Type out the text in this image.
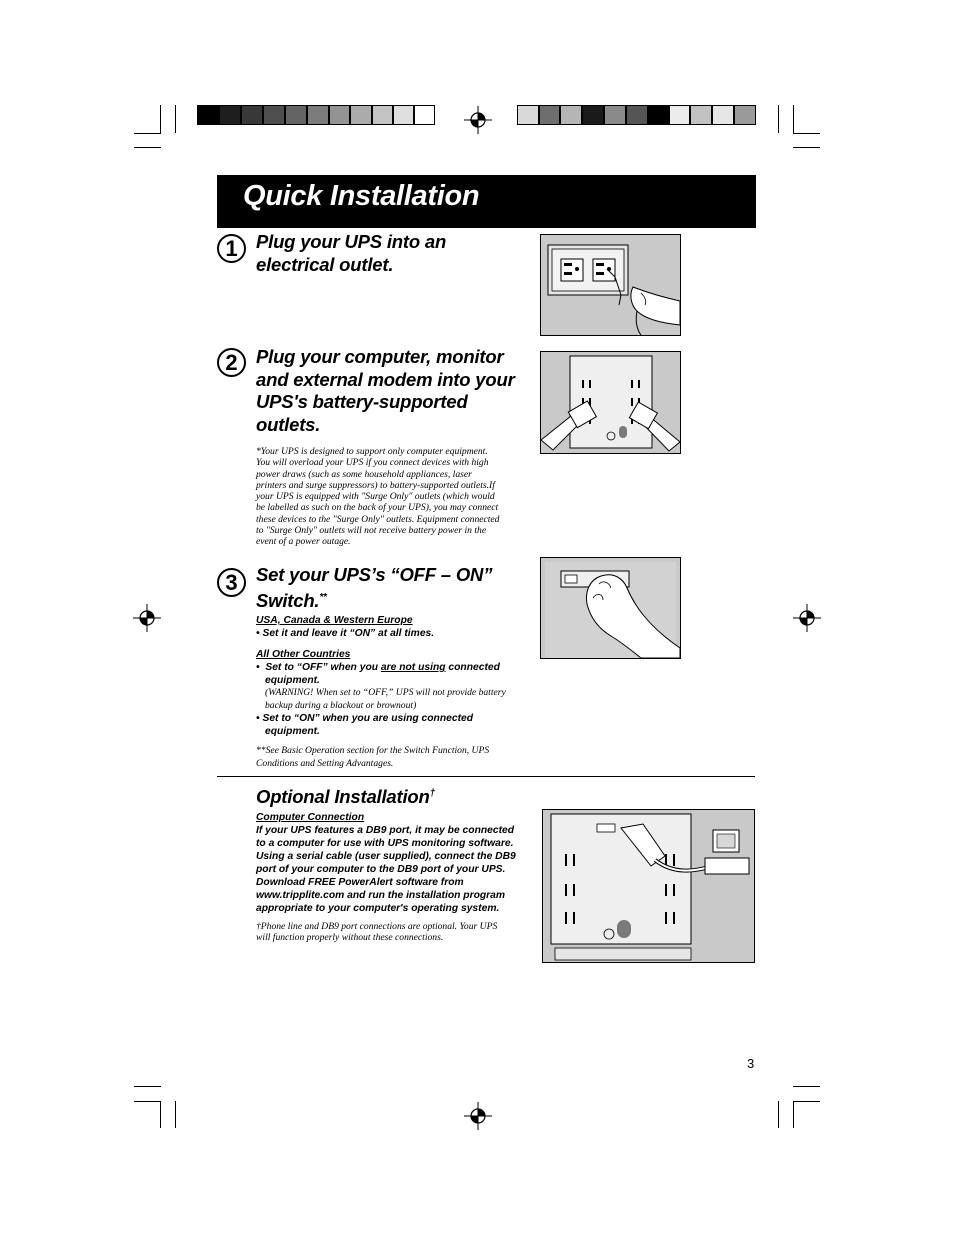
Quick Installation
1 Plug your UPS into an
electrical outlet.
2 Plug your computer, monitor
and external modem into your
UPS's battery-supported
outlets.
*Your UPS is designed to support only computer equipment.
You will overload your UPS if you connect devices with high
power draws (such as some household appliances, laser
printers and surge suppressors) to battery-supported outlets.If
your UPS is equipped with "Surge Only" outlets (which would
be labelled as such on the back of your UPS), you may connect
these devices to the "Surge Only" outlets. Equipment connected
to "Surge Only" outlets will not receive battery power in the
event of a power outage.
3 Set your UPS’s “OFF – ON”
Switch.**
USA, Canada & Western Europe
• Set it and leave it “ON” at all times.
All Other Countries
•  Set to “OFF” when you are not using connected
equipment.
(WARNING! When set to “OFF,” UPS will not provide battery
backup during a blackout or brownout)
• Set to “ON” when you are using connected
equipment.
**See Basic Operation section for the Switch Function, UPS
Conditions and Setting Advantages.
Optional Installation†
Computer Connection
If your UPS features a DB9 port, it may be connected
to a computer for use with UPS monitoring software.
Using a serial cable (user supplied), connect the DB9
port of your computer to the DB9 port of your UPS.
Download FREE PowerAlert software from
www.tripplite.com and run the installation program
appropriate to your computer's operating system.
†Phone line and DB9 port connections are optional. Your UPS
will function properly without these connections.
3
